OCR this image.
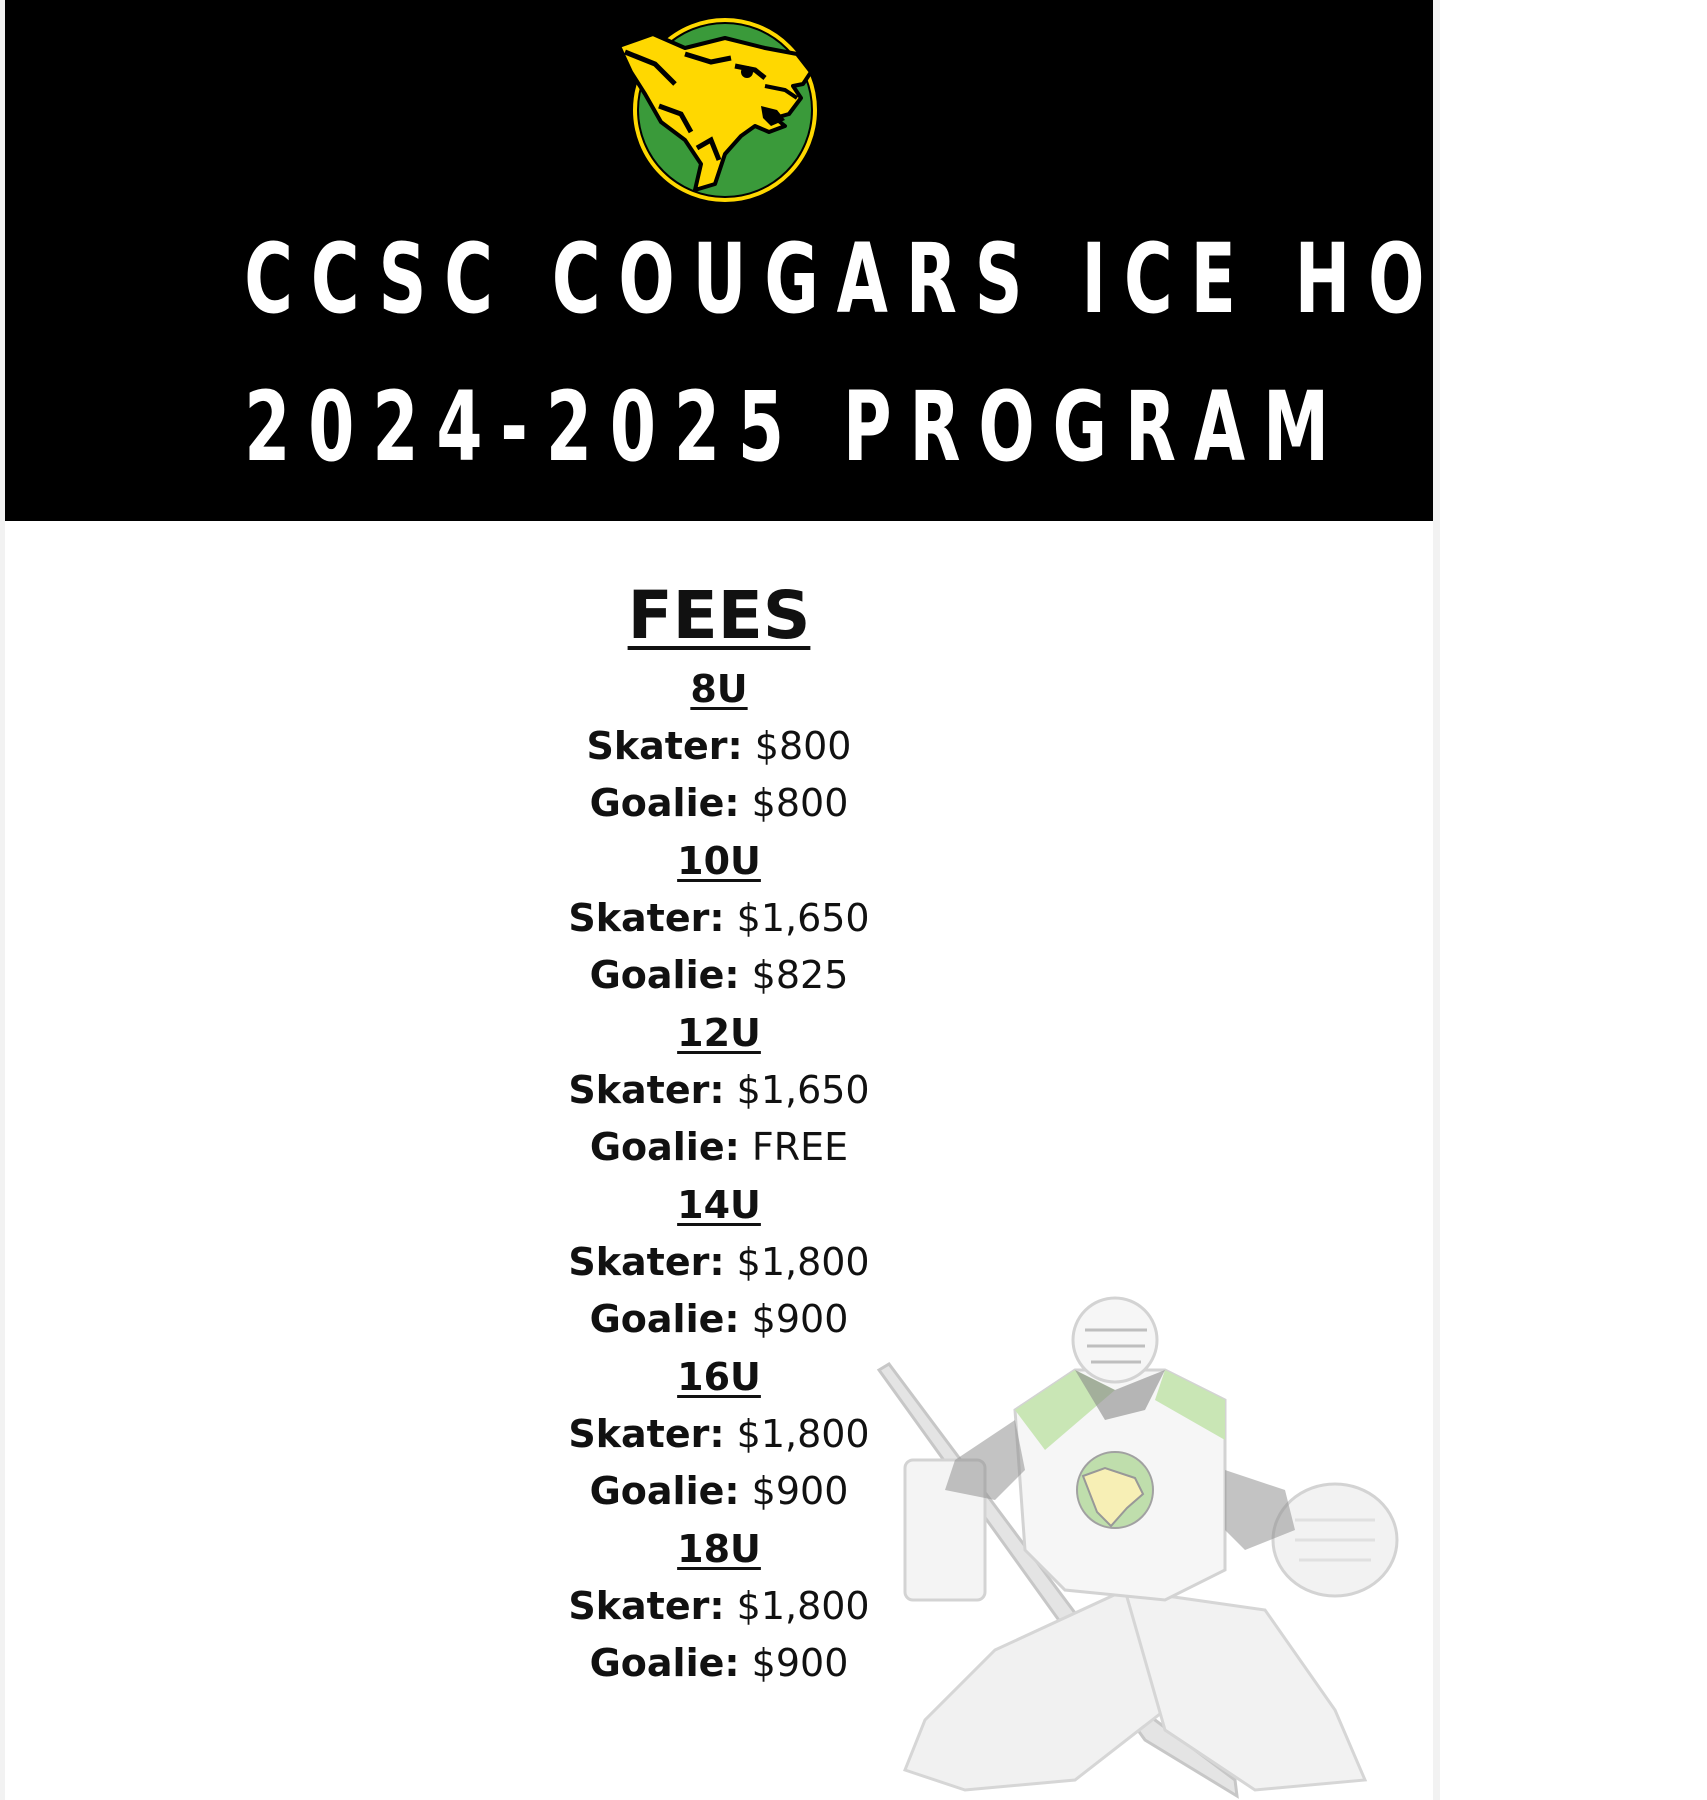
CCSC COUGARS ICE HOCKEY
2024-2025 PROGRAM
FEES
8U
Skater: $800
Goalie: $800
10U
Skater: $1,650
Goalie: $825
12U
Skater: $1,650
Goalie: FREE
14U
Skater: $1,800
Goalie: $900
16U
Skater: $1,800
Goalie: $900
18U
Skater: $1,800
Goalie: $900
